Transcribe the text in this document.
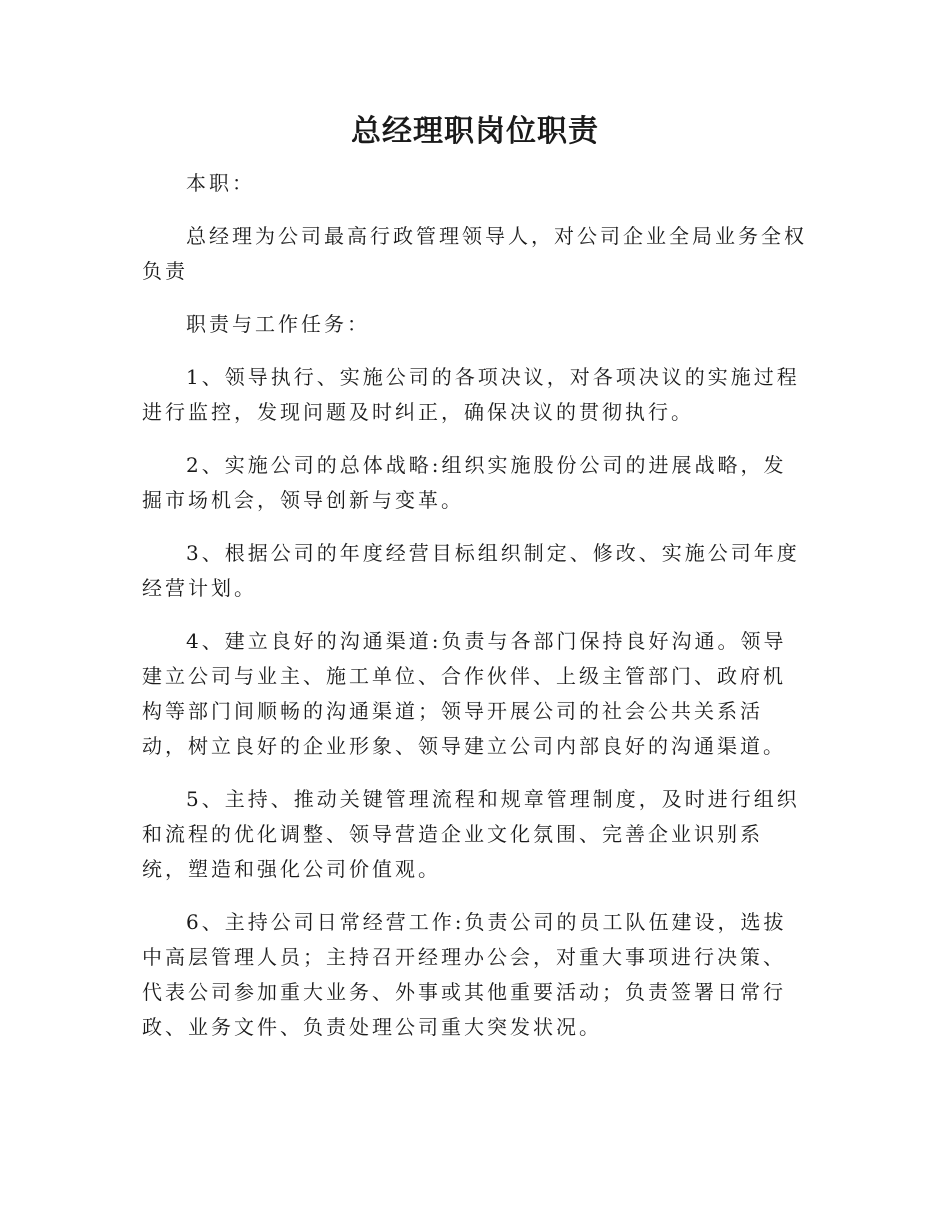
总经理职岗位职责

本职：

总经理为公司最高行政管理领导人，对公司企业全局业务全权负责

职责与工作任务：

1、领导执行、实施公司的各项决议，对各项决议的实施过程进行监控，发现问题及时纠正，确保决议的贯彻执行。

2、实施公司的总体战略:组织实施股份公司的进展战略，发掘市场机会，领导创新与变革。

3、根据公司的年度经营目标组织制定、修改、实施公司年度经营计划。

4、建立良好的沟通渠道:负责与各部门保持良好沟通。领导建立公司与业主、施工单位、合作伙伴、上级主管部门、政府机构等部门间顺畅的沟通渠道；领导开展公司的社会公共关系活动，树立良好的企业形象、领导建立公司内部良好的沟通渠道。

5、主持、推动关键管理流程和规章管理制度，及时进行组织和流程的优化调整、领导营造企业文化氛围、完善企业识别系统，塑造和强化公司价值观。

6、主持公司日常经营工作:负责公司的员工队伍建设，选拔中高层管理人员；主持召开经理办公会，对重大事项进行决策、代表公司参加重大业务、外事或其他重要活动；负责签署日常行政、业务文件、负责处理公司重大突发状况。
